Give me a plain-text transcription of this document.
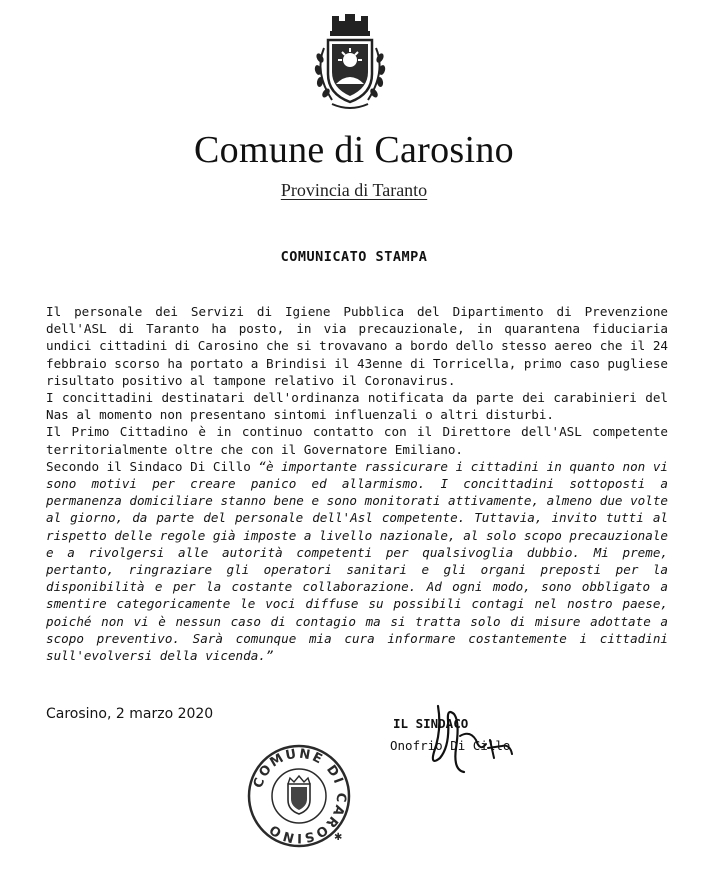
Comune di Carosino
Provincia di Taranto
COMUNICATO STAMPA

Il personale dei Servizi di Igiene Pubblica del Dipartimento di Prevenzione dell'ASL di Taranto ha posto, in via precauzionale, in quarantena fiduciaria undici cittadini di Carosino che si trovavano a bordo dello stesso aereo che il 24 febbraio scorso ha portato a Brindisi il 43enne di Torricella, primo caso pugliese risultato positivo al tampone relativo il Coronavirus.

I concittadini destinatari dell'ordinanza notificata da parte dei carabinieri del Nas al momento non presentano sintomi influenzali o altri disturbi.

Il Primo Cittadino è in continuo contatto con il Direttore dell'ASL competente territorialmente oltre che con il Governatore Emiliano.

Secondo il Sindaco Di Cillo “è importante rassicurare i cittadini in quanto non vi sono motivi per creare panico ed allarmismo. I concittadini sottoposti a permanenza domiciliare stanno bene e sono monitorati attivamente, almeno due volte al giorno, da parte del personale dell'Asl competente. Tuttavia, invito tutti al rispetto delle regole già imposte a livello nazionale, al solo scopo precauzionale e a rivolgersi alle autorità competenti per qualsivoglia dubbio. Mi preme, pertanto, ringraziare gli operatori sanitari e gli organi preposti per la disponibilità e per la costante collaborazione. Ad ogni modo, sono obbligato a smentire categoricamente le voci diffuse su possibili contagi nel nostro paese, poiché non vi è nessun caso di contagio ma si tratta solo di misure adottate a scopo preventivo. Sarà comunque mia cura informare costantemente i cittadini sull'evolversi della vicenda.”

Carosino, 2 marzo 2020
IL SINDACO
Onofrio Di Cillo
COMUNE DI CAROSINO	✱
